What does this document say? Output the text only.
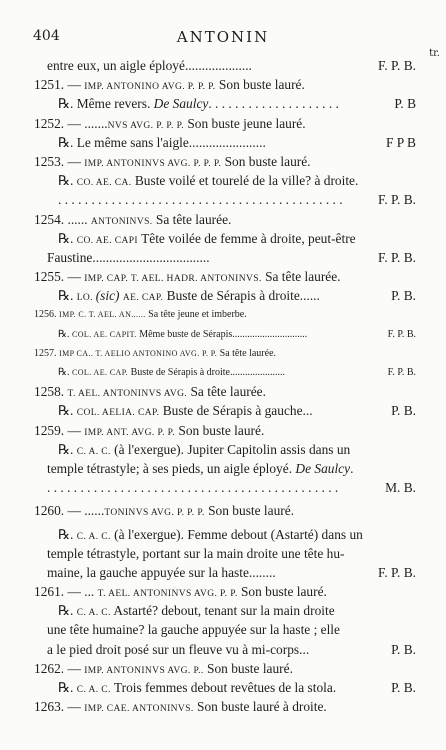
404	ANTONIN
tr.
entre eux, un aigle éployé....................	F. P. B.
1251. — IMP. ANTONINO AVG. P. P. P. Son buste lauré.
℞. Même revers. De Saulcy. . . . . . . . . . . . . . . . . . . .	P. B
1252. — .......NVS AVG. P. P. P. Son buste jeune lauré.
℞. Le même sans l'aigle.......................	F P B
1253. — IMP. ANTONINVS AVG. P. P. P. Son buste lauré.
℞. CO. AE. CA. Buste voilé et tourelé de la ville? à droite.
. . . . . . . . . . . . . . . . . . . . . . . . . . . . . . . . . . . . . . . . . . .	F. P. B.
1254. ...... ANTONINVS. Sa tête laurée.
℞. CO. AE. CAPI Tête voilée de femme à droite, peut-être
Faustine...................................	F. P. B.
1255. — IMP. CAP. T. AEL. HADR. ANTONINVS. Sa tête laurée.
℞. LO. (sic) AE. CAP. Buste de Sérapis à droite......	P. B.
1256. IMP. C. T. AEL. AN...... Sa tête jeune et imberbe.
℞. COL. AE. CAPIT. Même buste de Sérapis..............................	F. P. B.
1257. IMP CA.. T. AELIO ANTONINO AVG. P. P. Sa tête laurée.
℞. COL. AE. CAP. Buste de Sérapis à droite......................	F. P. B.
1258. T. AEL. ANTONINVS AVG. Sa tête laurée.
℞. COL. AELIA. CAP. Buste de Sérapis à gauche...	P. B.
1259. — IMP. ANT. AVG. P. P. Son buste lauré.
℞. C. A. C. (à l'exergue). Jupiter Capitolin assis dans un
temple tétrastyle; à ses pieds, un aigle éployé. De Saulcy.
. . . . . . . . . . . . . . . . . . . . . . . . . . . . . . . . . . . . . . . . . . . .	M. B.
1260. — ......TONINVS AVG. P. P. P. Son buste lauré.
℞. C. A. C. (à l'exergue). Femme debout (Astarté) dans un
temple tétrastyle, portant sur la main droite une tête hu-
maine, la gauche appuyée sur la haste........	F. P. B.
1261. — ... T. AEL. ANTONINVS AVG. P. P. Son buste lauré.
℞. C. A. C. Astarté? debout, tenant sur la main droite
une tête humaine? la gauche appuyée sur la haste ; elle
a le pied droit posé sur un fleuve vu à mi-corps...	P. B.
1262. — IMP. ANTONINVS AVG. P.. Son buste lauré.
℞. C. A. C. Trois femmes debout revêtues de la stola.	P. B.
1263. — IMP. CAE. ANTONINVS. Son buste lauré à droite.
